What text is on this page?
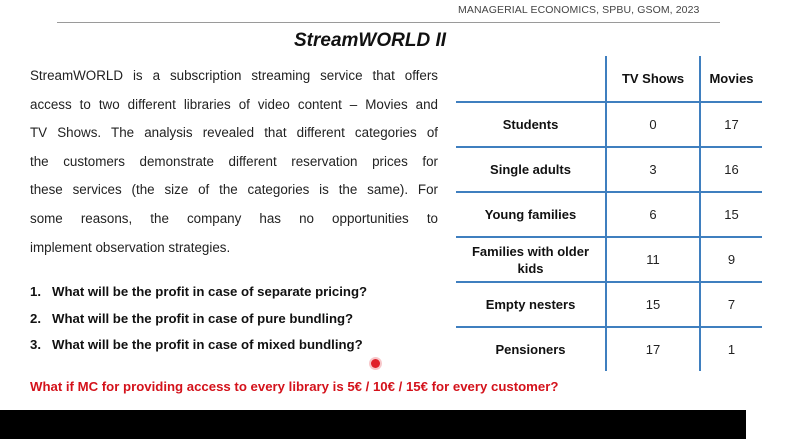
MANAGERIAL ECONOMICS, SPBU, GSOM, 2023
StreamWORLD II
StreamWORLD is a subscription streaming service that offers
access to two different libraries of video content – Movies and
TV Shows. The analysis revealed that different categories of
the customers demonstrate different reservation prices for
these services (the size of the categories is the same). For
some reasons, the company has no opportunities to
implement observation strategies.
1. What will be the profit in case of separate pricing?
2. What will be the profit in case of pure bundling?
3. What will be the profit in case of mixed bundling?
What if MC for providing access to every library is 5€ / 10€ / 15€ for every customer?
	TV Shows	Movies
Students	0	17
Single adults	3	16
Young families	6	15
Families with older kids	11	9
Empty nesters	15	7
Pensioners	17	1
